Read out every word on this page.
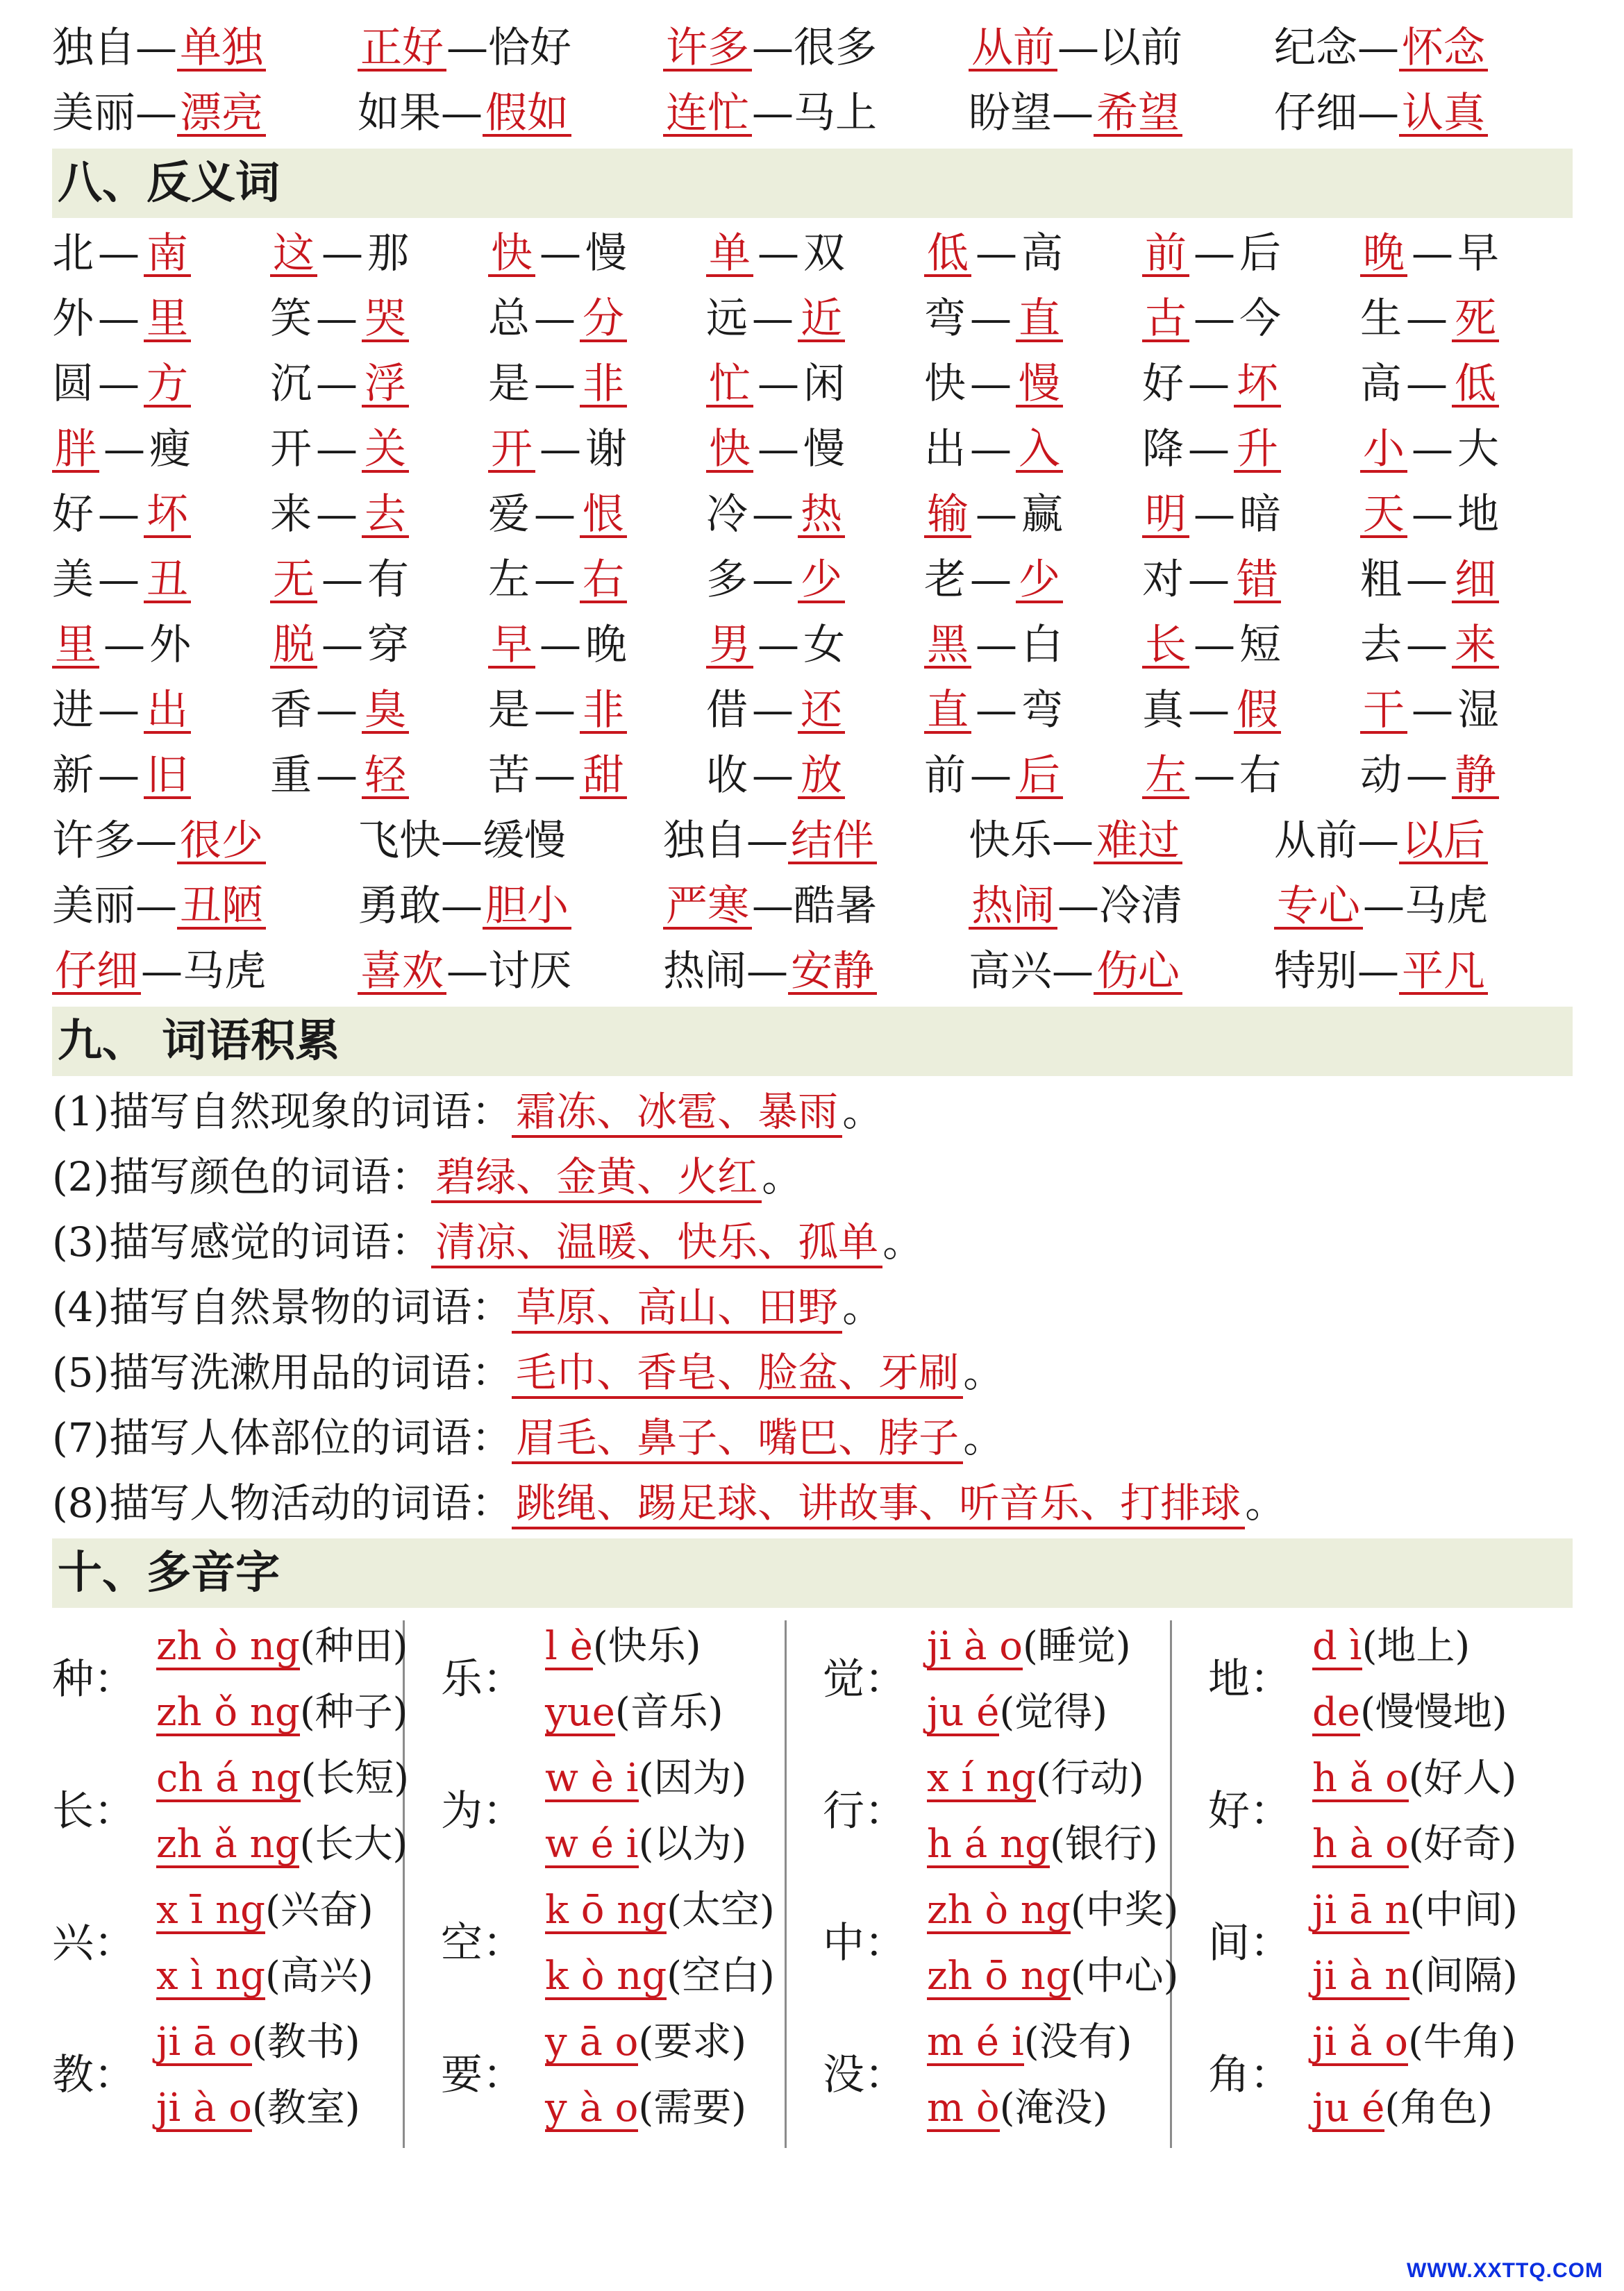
独自—单独 正好—恰好 许多—很多 从前—以前 纪念—怀念
美丽—漂亮 如果—假如 连忙—马上 盼望—希望 仔细—认真
八、反义词
北 — 南 这 — 那 快 — 慢 单 — 双 低 — 高 前 — 后 晚 — 早
外 — 里 笑 — 哭 总 — 分 远 — 近 弯 — 直 古 — 今 生 — 死
圆 — 方 沉 — 浮 是 — 非 忙 — 闲 快 — 慢 好 — 坏 高 — 低
胖 — 瘦 开 — 关 开 — 谢 快 — 慢 出 — 入 降 — 升 小 — 大
好 — 坏 来 — 去 爱 — 恨 冷 — 热 输 — 赢 明 — 暗 天 — 地
美 — 丑 无 — 有 左 — 右 多 — 少 老 — 少 对 — 错 粗 — 细
里 — 外 脱 — 穿 早 — 晚 男 — 女 黑 — 白 长 — 短 去 — 来
进 — 出 香 — 臭 是 — 非 借 — 还 直 — 弯 真 — 假 干 — 湿
新 — 旧 重 — 轻 苦 — 甜 收 — 放 前 — 后 左 — 右 动 — 静
许多—很少 飞快—缓慢 独自—结伴 快乐—难过 从前—以后
美丽—丑陋 勇敢—胆小 严寒—酷暑 热闹—冷清 专心—马虎
仔细—马虎 喜欢—讨厌 热闹—安静 高兴—伤心 特别—平凡
九、 词语积累
(1)描写自然现象的词语： 霜冻、冰雹、暴雨 。
(2)描写颜色的词语： 碧绿、金黄、火红 。
(3)描写感觉的词语： 清凉、温暖、快乐、孤单 。
(4)描写自然景物的词语： 草原、高山、田野 。
(5)描写洗漱用品的词语： 毛巾、香皂、脸盆、牙刷 。
(7)描写人体部位的词语： 眉毛、鼻子、嘴巴、脖子 。
(8)描写人物活动的词语： 跳绳、踢足球、讲故事、听音乐、打排球 。
十、多音字
种：
zh ò ng(种田)
zh ǒ ng(种子)
长：
ch á ng(长短)
zh ǎ ng(长大)
兴：
x ī ng(兴奋)
x ì ng(高兴)
教：
ji ā o(教书)
ji à o(教室)
乐：
l è(快乐)
yue(音乐)
为：
w è i(因为)
w é i(以为)
空：
k ō ng(太空)
k ò ng(空白)
要：
y ā o(要求)
y à o(需要)
觉：
ji à o(睡觉)
ju é(觉得)
行：
x í ng(行动)
h á ng(银行)
中：
zh ò ng(中奖)
zh ō ng(中心)
没：
m é i(没有)
m ò(淹没)
地：
d ì(地上)
de(慢慢地)
好：
h ǎ o(好人)
h à o(好奇)
间：
ji ā n(中间)
ji à n(间隔)
角：
ji ǎ o(牛角)
ju é(角色)
WWW.XXTTQ.COM
